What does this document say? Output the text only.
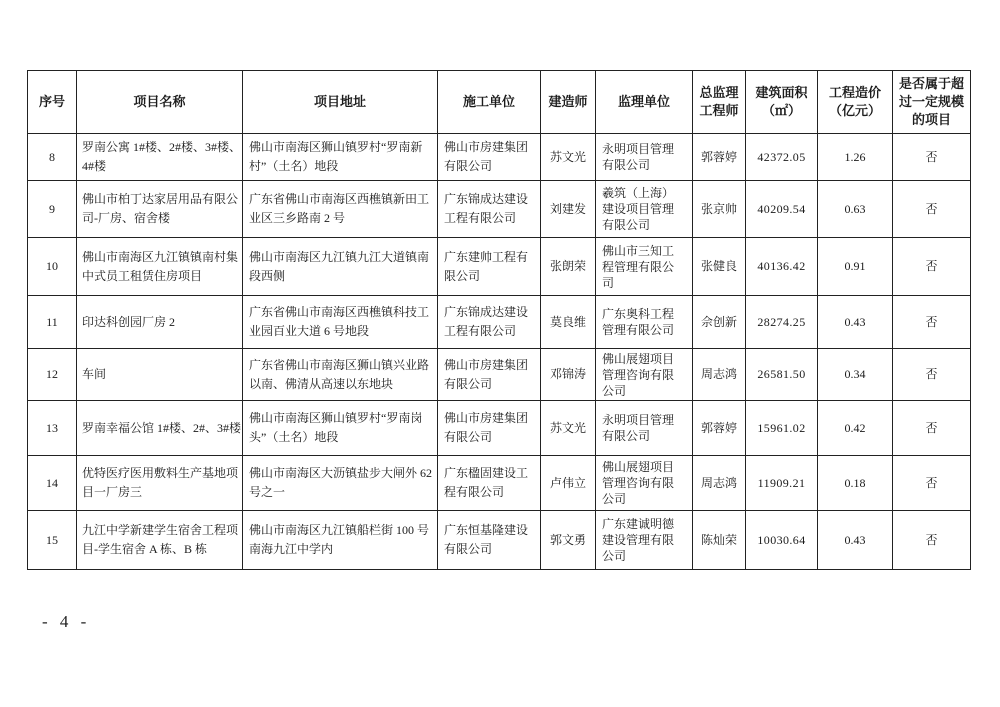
序号	项目名称	项目地址	施工单位	建造师	监理单位	总监理工程师	建筑面积（㎡）	工程造价（亿元）	是否属于超过一定规模的项目
8	罗南公寓 1#楼、2#楼、3#楼、4#楼	佛山市南海区狮山镇罗村“罗南新村”（土名）地段	佛山市房建集团有限公司	苏文光	永明项目管理有限公司	郭蓉婷	42372.05	1.26	否
9	佛山市柏丁达家居用品有限公司-厂房、宿舍楼	广东省佛山市南海区西樵镇新田工业区三乡路南 2 号	广东锦成达建设工程有限公司	刘建发	羲筑（上海）建设项目管理有限公司	张京帅	40209.54	0.63	否
10	佛山市南海区九江镇镇南村集中式员工租赁住房项目	佛山市南海区九江镇九江大道镇南段西侧	广东建帅工程有限公司	张朗荣	佛山市三知工程管理有限公司	张健良	40136.42	0.91	否
11	印达科创园厂房 2	广东省佛山市南海区西樵镇科技工业园百业大道 6 号地段	广东锦成达建设工程有限公司	莫良维	广东奥科工程管理有限公司	佘创新	28274.25	0.43	否
12	车间	广东省佛山市南海区狮山镇兴业路以南、佛清从高速以东地块	佛山市房建集团有限公司	邓锦涛	佛山展翅项目管理咨询有限公司	周志鸿	26581.50	0.34	否
13	罗南幸福公馆 1#楼、2#、3#楼	佛山市南海区狮山镇罗村“罗南岗头”（土名）地段	佛山市房建集团有限公司	苏文光	永明项目管理有限公司	郭蓉婷	15961.02	0.42	否
14	优特医疗医用敷料生产基地项目一厂房三	佛山市南海区大沥镇盐步大闸外 62 号之一	广东楹固建设工程有限公司	卢伟立	佛山展翅项目管理咨询有限公司	周志鸿	11909.21	0.18	否
15	九江中学新建学生宿舍工程项目-学生宿舍 A 栋、B 栋	佛山市南海区九江镇船栏街 100 号南海九江中学内	广东恒基隆建设有限公司	郭文勇	广东建诚明德建设管理有限公司	陈灿荣	10030.64	0.43	否
- 4 -
